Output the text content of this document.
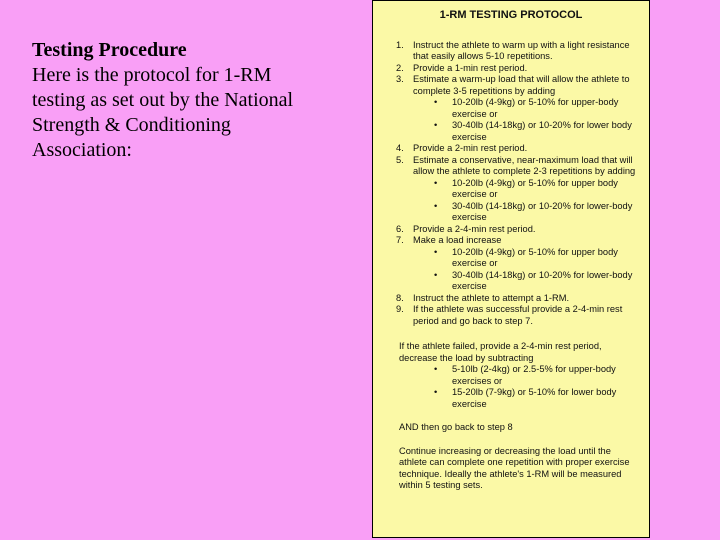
Testing Procedure
Here is the protocol for 1-RM testing as set out by the National Strength & Conditioning Association:
1-RM TESTING PROTOCOL
1. Instruct the athlete to warm up with a light resistance that easily allows 5-10 repetitions.
2. Provide a 1-min rest period.
3. Estimate a warm-up load that will allow the athlete to complete 3-5 repetitions by adding
• 10-20lb (4-9kg) or 5-10% for upper-body exercise or
• 30-40lb (14-18kg) or 10-20% for lower body exercise
4. Provide a 2-min rest period.
5. Estimate a conservative, near-maximum load that will allow the athlete to complete 2-3 repetitions by adding
• 10-20lb (4-9kg) or 5-10% for upper body exercise or
• 30-40lb (14-18kg) or 10-20% for lower-body exercise
6. Provide a 2-4-min rest period.
7. Make a load increase
• 10-20lb (4-9kg) or 5-10% for upper body exercise or
• 30-40lb (14-18kg) or 10-20% for lower-body exercise
8. Instruct the athlete to attempt a 1-RM.
9. If the athlete was successful provide a 2-4-min rest period and go back to step 7.
If the athlete failed, provide a 2-4-min rest period, decrease the load by subtracting
• 5-10lb (2-4kg) or 2.5-5% for upper-body exercises or
• 15-20lb (7-9kg) or 5-10% for lower body exercise
AND then go back to step 8
Continue increasing or decreasing the load until the athlete can complete one repetition with proper exercise technique. Ideally the athlete's 1-RM will be measured within 5 testing sets.
